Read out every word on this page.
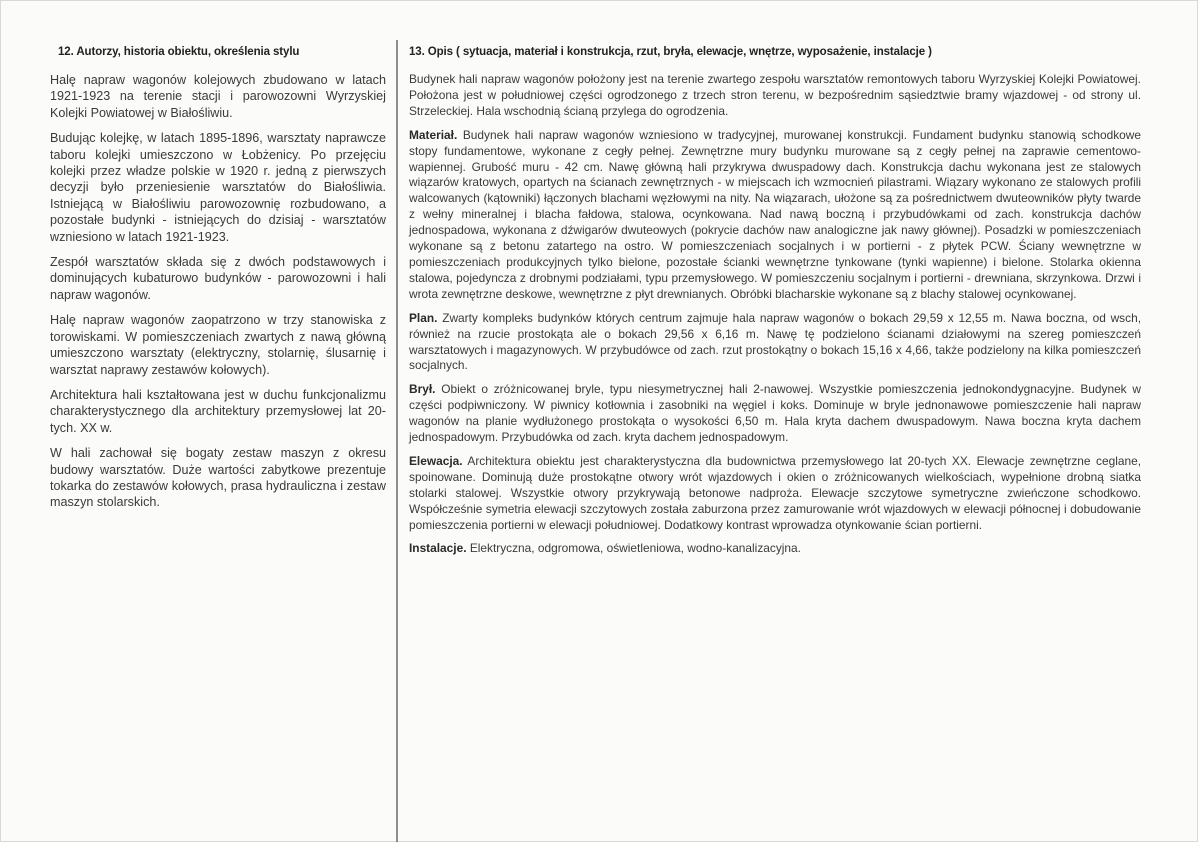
12. Autorzy, historia obiektu, określenia stylu

Halę napraw wagonów kolejowych zbudowano w latach 1921-1923 na terenie stacji i parowozowni Wyrzyskiej Kolejki Powiatowej w Białośliwiu.

Budując kolejkę, w latach 1895-1896, warsztaty naprawcze taboru kolejki umieszczono w Łobżenicy. Po przejęciu kolejki przez władze polskie w 1920 r. jedną z pierwszych decyzji było przeniesienie warsztatów do Białośliwia. Istniejącą w Białośliwiu parowozownię rozbudowano, a pozostałe budynki - istniejących do dzisiaj - warsztatów wzniesiono w latach 1921-1923.

Zespół warsztatów składa się z dwóch podstawowych i dominujących kubaturowo budynków - parowozowni i hali napraw wagonów.

Halę napraw wagonów zaopatrzono w trzy stanowiska z torowiskami. W pomieszczeniach zwartych z nawą główną umieszczono warsztaty (elektryczny, stolarnię, ślusarnię i warsztat naprawy zestawów kołowych).

Architektura hali kształtowana jest w duchu funkcjonalizmu charakterystycznego dla architektury przemysłowej lat 20-tych. XX w.

W hali zachował się bogaty zestaw maszyn z okresu budowy warsztatów. Duże wartości zabytkowe prezentuje tokarka do zestawów kołowych, prasa hydrauliczna i zestaw maszyn stolarskich.

13. Opis ( sytuacja, materiał i konstrukcja, rzut, bryła, elewacje, wnętrze, wyposażenie, instalacje )

Budynek hali napraw wagonów położony jest na terenie zwartego zespołu warsztatów remontowych taboru Wyrzyskiej Kolejki Powiatowej. Położona jest w południowej części ogrodzonego z trzech stron terenu, w bezpośrednim sąsiedztwie bramy wjazdowej - od strony ul. Strzeleckiej. Hala wschodnią ścianą przylega do ogrodzenia.

Materiał. Budynek hali napraw wagonów wzniesiono w tradycyjnej, murowanej konstrukcji. Fundament budynku stanowią schodkowe stopy fundamentowe, wykonane z cegły pełnej. Zewnętrzne mury budynku murowane są z cegły pełnej na zaprawie cementowo-wapiennej. Grubość muru - 42 cm. Nawę główną hali przykrywa dwuspadowy dach. Konstrukcja dachu wykonana jest ze stalowych wiązarów kratowych, opartych na ścianach zewnętrznych - w miejscach ich wzmocnień pilastrami. Wiązary wykonano ze stalowych profili walcowanych (kątowniki) łączonych blachami węzłowymi na nity. Na wiązarach, ułożone są za pośrednictwem dwuteowników płyty twarde z wełny mineralnej i blacha fałdowa, stalowa, ocynkowana. Nad nawą boczną i przybudówkami od zach. konstrukcja dachów jednospadowa, wykonana z dźwigarów dwuteowych (pokrycie dachów naw analogiczne jak nawy głównej). Posadzki w pomieszczeniach wykonane są z betonu zatartego na ostro. W pomieszczeniach socjalnych i w portierni - z płytek PCW. Ściany wewnętrzne w pomieszczeniach produkcyjnych tylko bielone, pozostałe ścianki wewnętrzne tynkowane (tynki wapienne) i bielone. Stolarka okienna stalowa, pojedyncza z drobnymi podziałami, typu przemysłowego. W pomieszczeniu socjalnym i portierni - drewniana, skrzynkowa. Drzwi i wrota zewnętrzne deskowe, wewnętrzne z płyt drewnianych. Obróbki blacharskie wykonane są z blachy stalowej ocynkowanej.

Plan. Zwarty kompleks budynków których centrum zajmuje hala napraw wagonów o bokach 29,59 x 12,55 m. Nawa boczna, od wsch, również na rzucie prostokąta ale o bokach 29,56 x 6,16 m. Nawę tę podzielono ścianami działowymi na szereg pomieszczeń warsztatowych i magazynowych. W przybudówce od zach. rzut prostokątny o bokach 15,16 x 4,66, także podzielony na kilka pomieszczeń socjalnych.

Brył. Obiekt o zróżnicowanej bryle, typu niesymetrycznej hali 2-nawowej. Wszystkie pomieszczenia jednokondygnacyjne. Budynek w części podpiwniczony. W piwnicy kotłownia i zasobniki na węgiel i koks. Dominuje w bryle jednonawowe pomieszczenie hali napraw wagonów na planie wydłużonego prostokąta o wysokości 6,50 m. Hala kryta dachem dwuspadowym. Nawa boczna kryta dachem jednospadowym. Przybudówka od zach. kryta dachem jednospadowym.

Elewacja. Architektura obiektu jest charakterystyczna dla budownictwa przemysłowego lat 20-tych XX. Elewacje zewnętrzne ceglane, spoinowane. Dominują duże prostokątne otwory wrót wjazdowych i okien o zróżnicowanych wielkościach, wypełnione drobną siatka stolarki stalowej. Wszystkie otwory przykrywają betonowe nadproża. Elewacje szczytowe symetryczne zwieńczone schodkowo. Współcześnie symetria elewacji szczytowych została zaburzona przez zamurowanie wrót wjazdowych w elewacji północnej i dobudowanie pomieszczenia portierni w elewacji południowej. Dodatkowy kontrast wprowadza otynkowanie ścian portierni.

Instalacje. Elektryczna, odgromowa, oświetleniowa, wodno-kanalizacyjna.
